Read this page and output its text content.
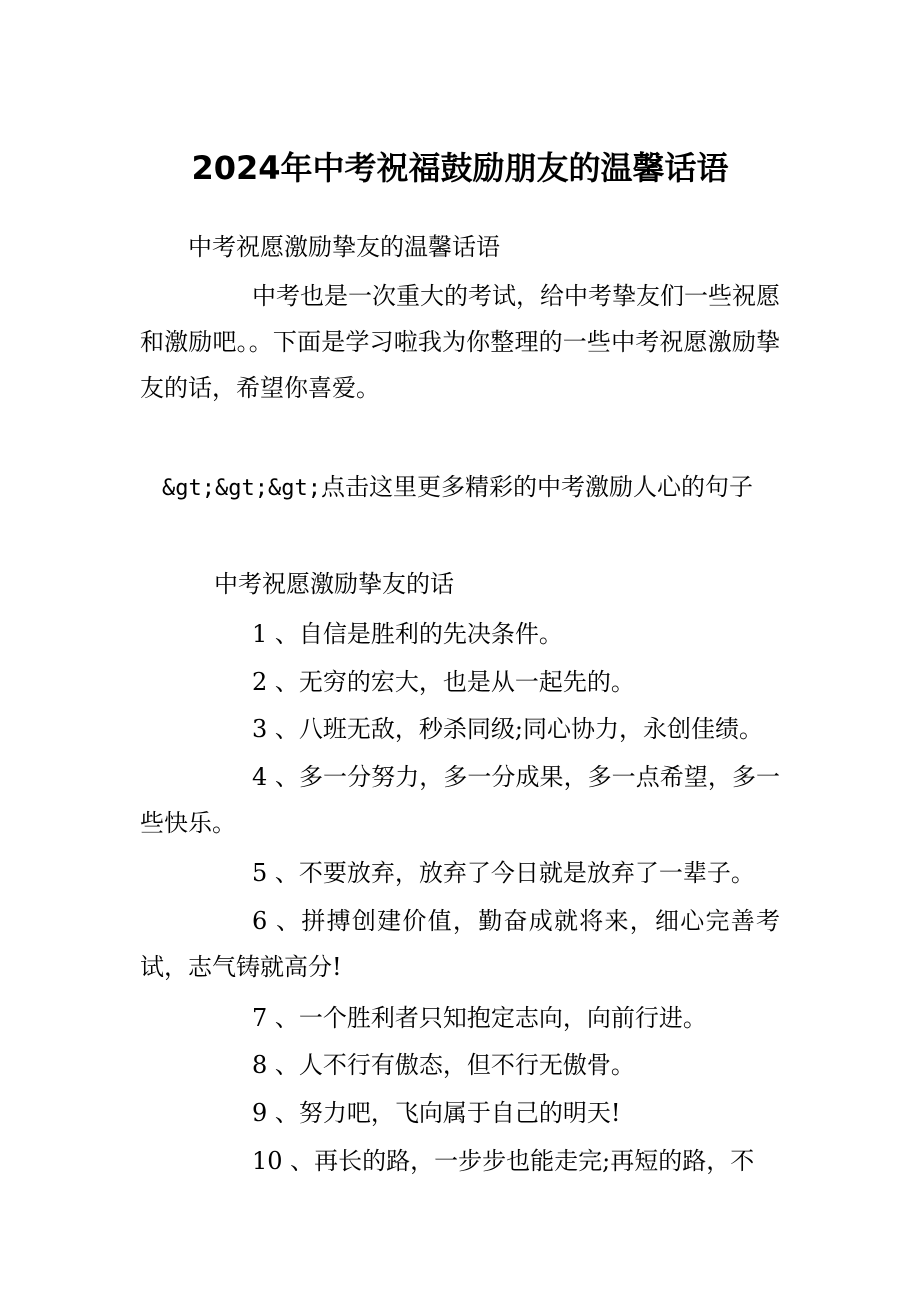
2024年中考祝福鼓励朋友的温馨话语
中考祝愿激励挚友的温馨话语
中考也是一次重大的考试，给中考挚友们一些祝愿和激励吧。。下面是学习啦我为你整理的一些中考祝愿激励挚友的话，希望你喜爱。
&gt;&gt;&gt;点击这里更多精彩的中考激励人心的句子
中考祝愿激励挚友的话
1 、自信是胜利的先决条件。
2 、无穷的宏大，也是从一起先的。
3 、八班无敌，秒杀同级;同心协力，永创佳绩。
4 、多一分努力，多一分成果，多一点希望，多一些快乐。
5 、不要放弃，放弃了今日就是放弃了一辈子。
6 、拼搏创建价值，勤奋成就将来，细心完善考试，志气铸就高分!
7 、一个胜利者只知抱定志向，向前行进。
8 、人不行有傲态，但不行无傲骨。
9 、努力吧，飞向属于自己的明天!
10 、再长的路，一步步也能走完;再短的路，不
